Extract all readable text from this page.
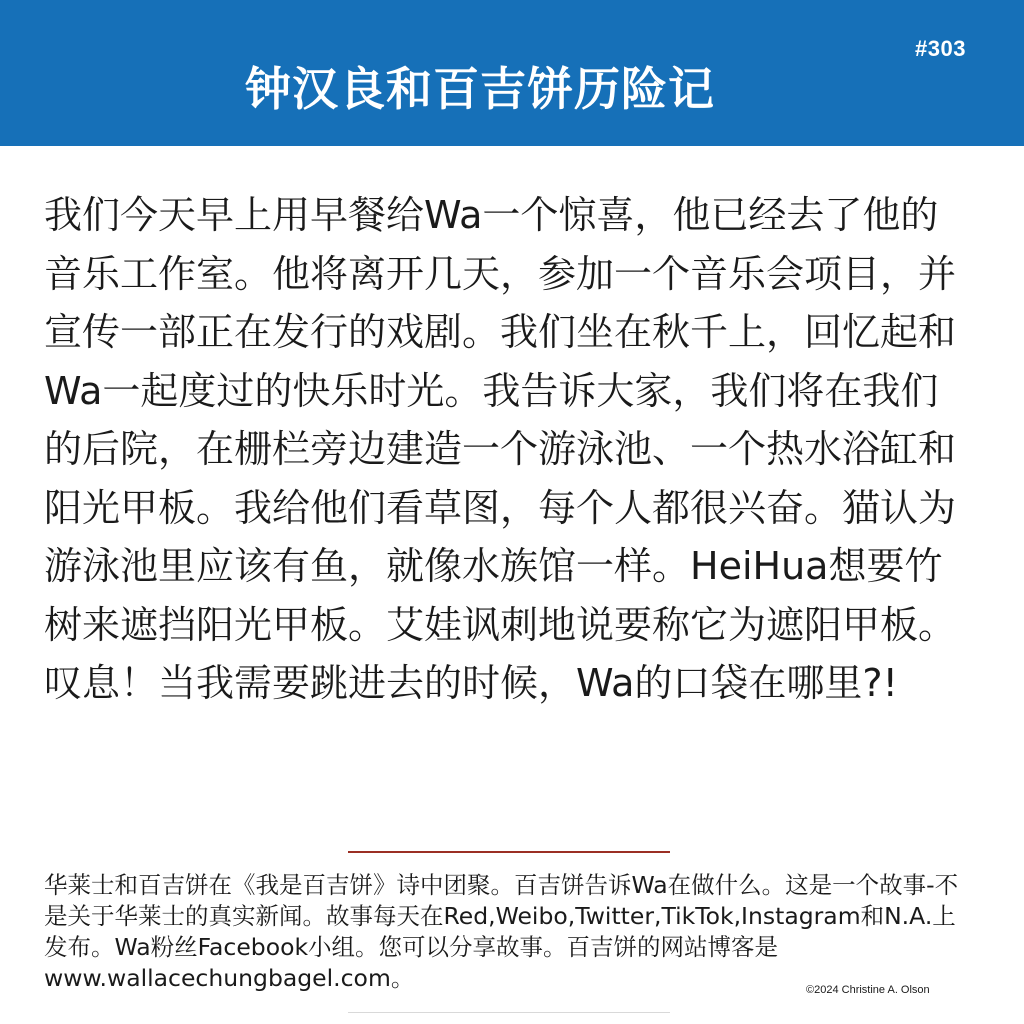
#303
钟汉良和百吉饼历险记

我们今天早上用早餐给Wa一个惊喜，他已经去了他的音乐工作室。他将离开几天，参加一个音乐会项目，并宣传一部正在发行的戏剧。我们坐在秋千上，回忆起和Wa一起度过的快乐时光。我告诉大家，我们将在我们的后院，在栅栏旁边建造一个游泳池、一个热水浴缸和阳光甲板。我给他们看草图，每个人都很兴奋。猫认为游泳池里应该有鱼，就像水族馆一样。HeiHua想要竹树来遮挡阳光甲板。艾娃讽刺地说要称它为遮阳甲板。叹息！当我需要跳进去的时候，Wa的口袋在哪里?!

华莱士和百吉饼在《我是百吉饼》诗中团聚。百吉饼告诉Wa在做什么。这是一个故事-不是关于华莱士的真实新闻。故事每天在Red,Weibo,Twitter,TikTok,Instagram和N.A.上发布。Wa粉丝Facebook小组。您可以分享故事。百吉饼的网站博客是www.wallacechungbagel.com。	©2024 Christine A. Olson
